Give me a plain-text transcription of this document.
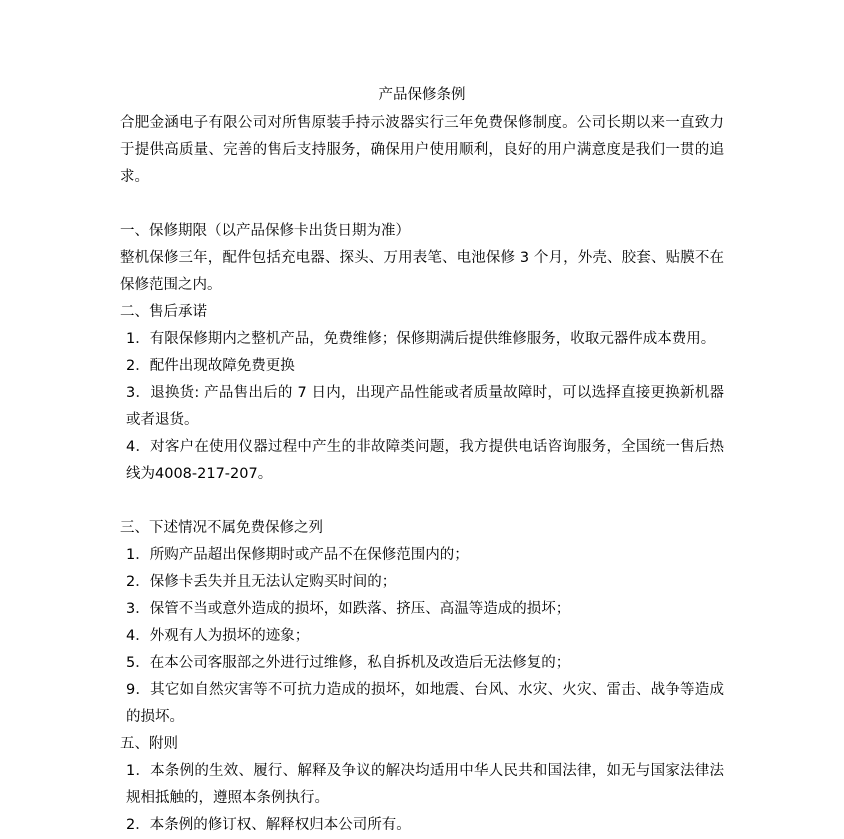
产品保修条例

合肥金涵电子有限公司对所售原装手持示波器实行三年免费保修制度。公司长期以来一直致力于提供高质量、完善的售后支持服务，确保用户使用顺利，良好的用户满意度是我们一贯的追求。

一、保修期限（以产品保修卡出货日期为准）

整机保修三年，配件包括充电器、探头、万用表笔、电池保修 3 个月，外壳、胶套、贴膜不在保修范围之内。

二、售后承诺

1．有限保修期内之整机产品，免费维修；保修期满后提供维修服务，收取元器件成本费用。

2．配件出现故障免费更换

3．退换货: 产品售出后的 7 日内，出现产品性能或者质量故障时，可以选择直接更换新机器或者退货。

4．对客户在使用仪器过程中产生的非故障类问题，我方提供电话咨询服务，全国统一售后热线为4008-217-207。

三、下述情况不属免费保修之列

1．所购产品超出保修期时或产品不在保修范围内的；

2．保修卡丢失并且无法认定购买时间的；

3．保管不当或意外造成的损坏，如跌落、挤压、高温等造成的损坏；

4．外观有人为损坏的迹象；

5．在本公司客服部之外进行过维修，私自拆机及改造后无法修复的；

9．其它如自然灾害等不可抗力造成的损坏，如地震、台风、水灾、火灾、雷击、战争等造成的损坏。

五、附则

1．本条例的生效、履行、解释及争议的解决均适用中华人民共和国法律，如无与国家法律法规相抵触的，遵照本条例执行。

2．本条例的修订权、解释权归本公司所有。
